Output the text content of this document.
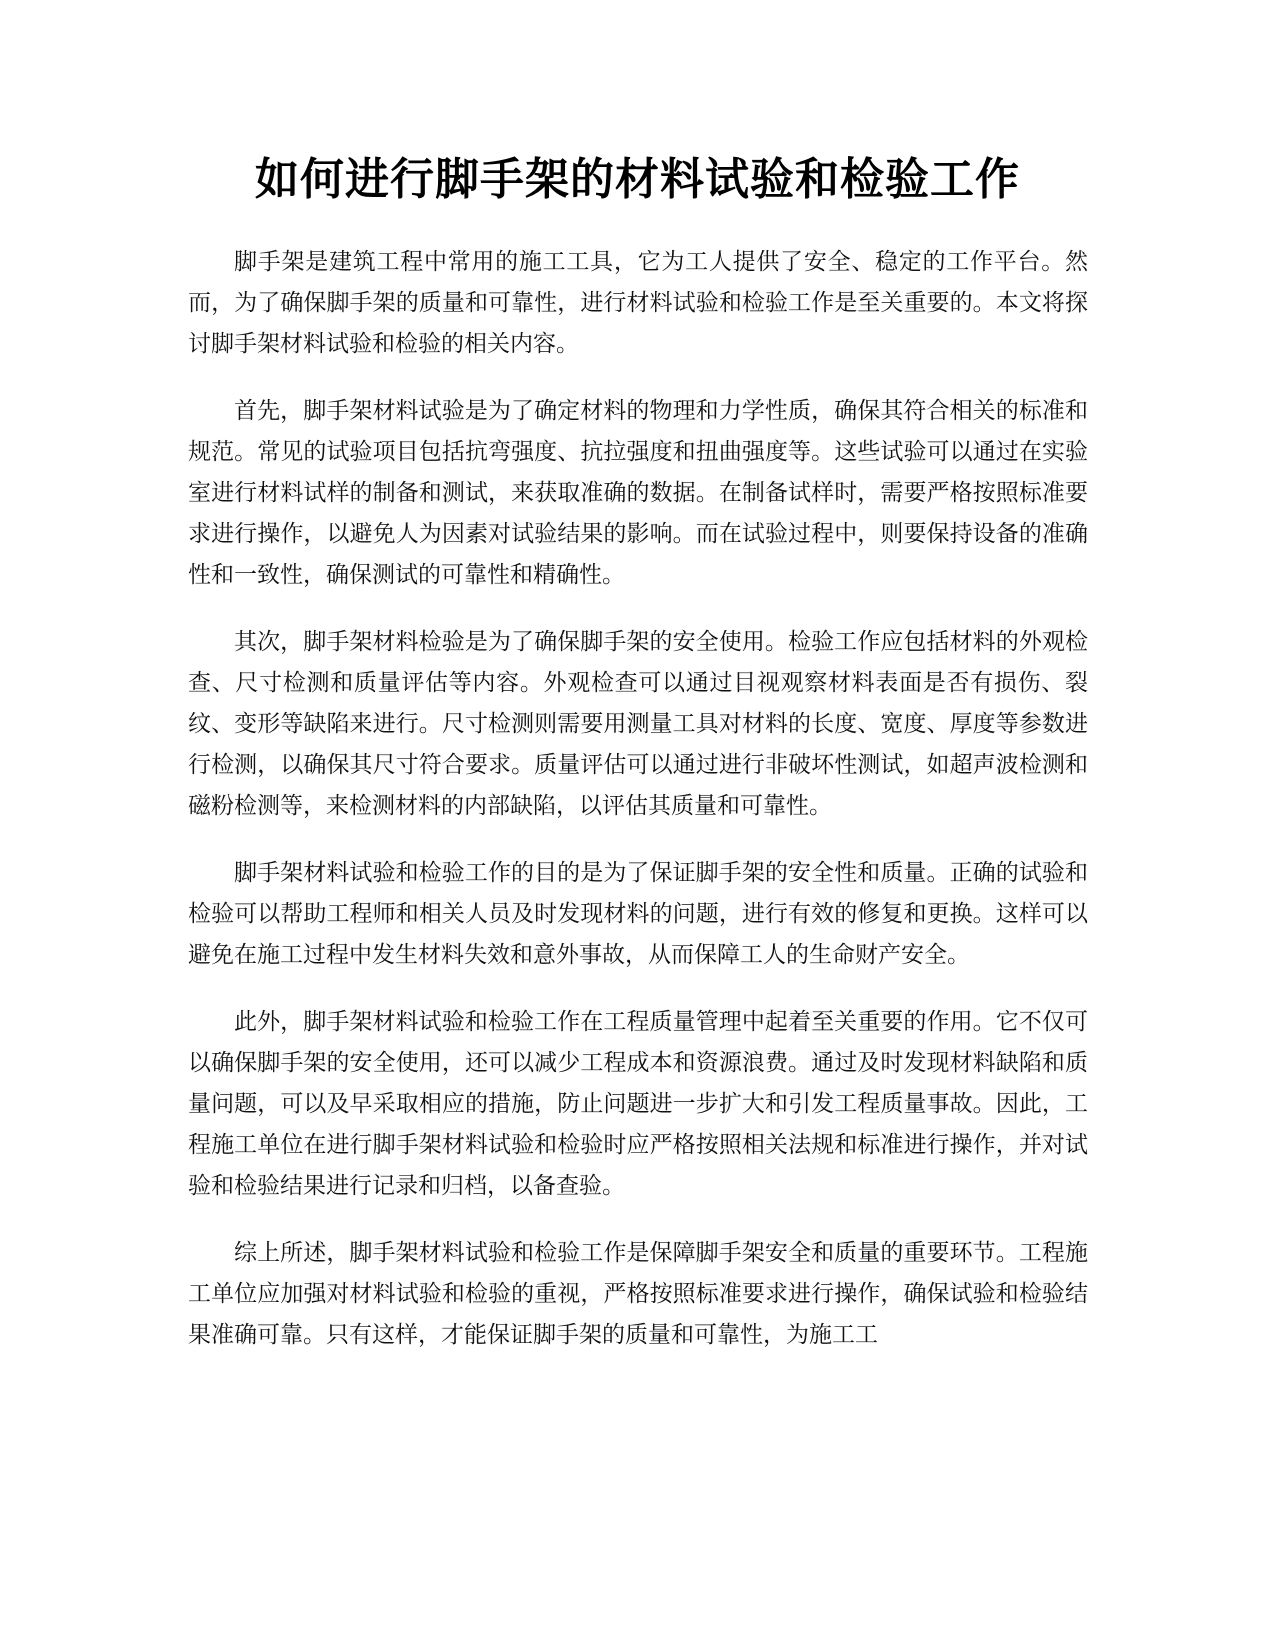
如何进行脚手架的材料试验和检验工作

脚手架是建筑工程中常用的施工工具，它为工人提供了安全、稳定的工作平台。然而，为了确保脚手架的质量和可靠性，进行材料试验和检验工作是至关重要的。本文将探讨脚手架材料试验和检验的相关内容。

首先，脚手架材料试验是为了确定材料的物理和力学性质，确保其符合相关的标准和规范。常见的试验项目包括抗弯强度、抗拉强度和扭曲强度等。这些试验可以通过在实验室进行材料试样的制备和测试，来获取准确的数据。在制备试样时，需要严格按照标准要求进行操作，以避免人为因素对试验结果的影响。而在试验过程中，则要保持设备的准确性和一致性，确保测试的可靠性和精确性。

其次，脚手架材料检验是为了确保脚手架的安全使用。检验工作应包括材料的外观检查、尺寸检测和质量评估等内容。外观检查可以通过目视观察材料表面是否有损伤、裂纹、变形等缺陷来进行。尺寸检测则需要用测量工具对材料的长度、宽度、厚度等参数进行检测，以确保其尺寸符合要求。质量评估可以通过进行非破坏性测试，如超声波检测和磁粉检测等，来检测材料的内部缺陷，以评估其质量和可靠性。

脚手架材料试验和检验工作的目的是为了保证脚手架的安全性和质量。正确的试验和检验可以帮助工程师和相关人员及时发现材料的问题，进行有效的修复和更换。这样可以避免在施工过程中发生材料失效和意外事故，从而保障工人的生命财产安全。

此外，脚手架材料试验和检验工作在工程质量管理中起着至关重要的作用。它不仅可以确保脚手架的安全使用，还可以减少工程成本和资源浪费。通过及时发现材料缺陷和质量问题，可以及早采取相应的措施，防止问题进一步扩大和引发工程质量事故。因此，工程施工单位在进行脚手架材料试验和检验时应严格按照相关法规和标准进行操作，并对试验和检验结果进行记录和归档，以备查验。

综上所述，脚手架材料试验和检验工作是保障脚手架安全和质量的重要环节。工程施工单位应加强对材料试验和检验的重视，严格按照标准要求进行操作，确保试验和检验结果准确可靠。只有这样，才能保证脚手架的质量和可靠性，为施工工
